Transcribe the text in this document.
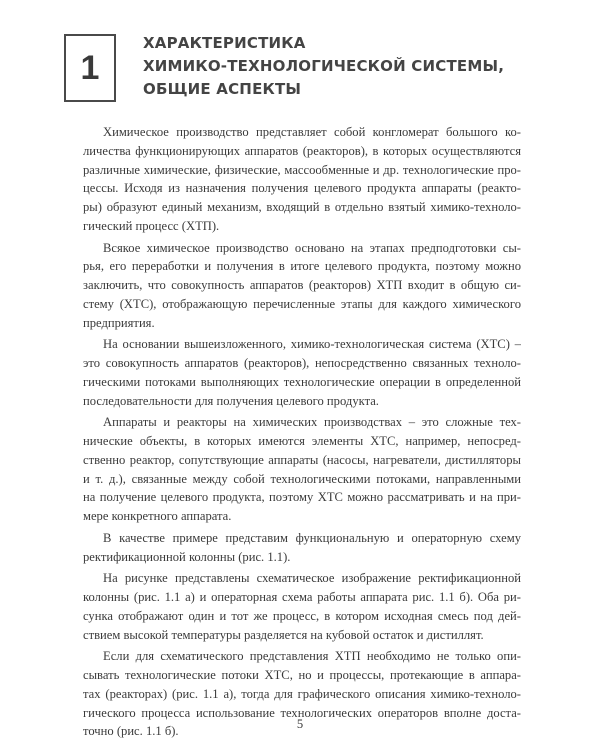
1
ХАРАКТЕРИСТИКА
ХИМИКО-ТЕХНОЛОГИЧЕСКОЙ СИСТЕМЫ,
ОБЩИЕ АСПЕКТЫ
Химическое производство представляет собой конгломерат большого ко-
личества функционирующих аппаратов (реакторов), в которых осуществляются
различные химические, физические, массообменные и др. технологические про-
цессы. Исходя из назначения получения целевого продукта аппараты (реакто-
ры) образуют единый механизм, входящий в отдельно взятый химико-техноло-
гический процесс (ХТП).
Всякое химическое производство основано на этапах предподготовки сы-
рья, его переработки и получения в итоге целевого продукта, поэтому можно
заключить, что совокупность аппаратов (реакторов) ХТП входит в общую си-
стему (ХТС), отображающую перечисленные этапы для каждого химического
предприятия.
На основании вышеизложенного, химико-технологическая система (ХТС) –
это совокупность аппаратов (реакторов), непосредственно связанных техноло-
гическими потоками выполняющих технологические операции в определенной
последовательности для получения целевого продукта.
Аппараты и реакторы на химических производствах – это сложные тех-
нические объекты, в которых имеются элементы ХТС, например, непосред-
ственно реактор, сопутствующие аппараты (насосы, нагреватели, дистилляторы
и т. д.), связанные между собой технологическими потоками, направленными
на получение целевого продукта, поэтому ХТС можно рассматривать и на при-
мере конкретного аппарата.
В качестве примере представим функциональную и операторную схему
ректификационной колонны (рис. 1.1).
На рисунке представлены схематическое изображение ректификационной
колонны (рис. 1.1 а) и операторная схема работы аппарата рис. 1.1 б). Оба ри-
сунка отображают один и тот же процесс, в котором исходная смесь под дей-
ствием высокой температуры разделяется на кубовой остаток и дистиллят.
Если для схематического представления ХТП необходимо не только опи-
сывать технологические потоки ХТС, но и процессы, протекающие в аппара-
тах (реакторах) (рис. 1.1 а), тогда для графического описания химико-техноло-
гического процесса использование технологических операторов вполне доста-
точно (рис. 1.1 б).
5
